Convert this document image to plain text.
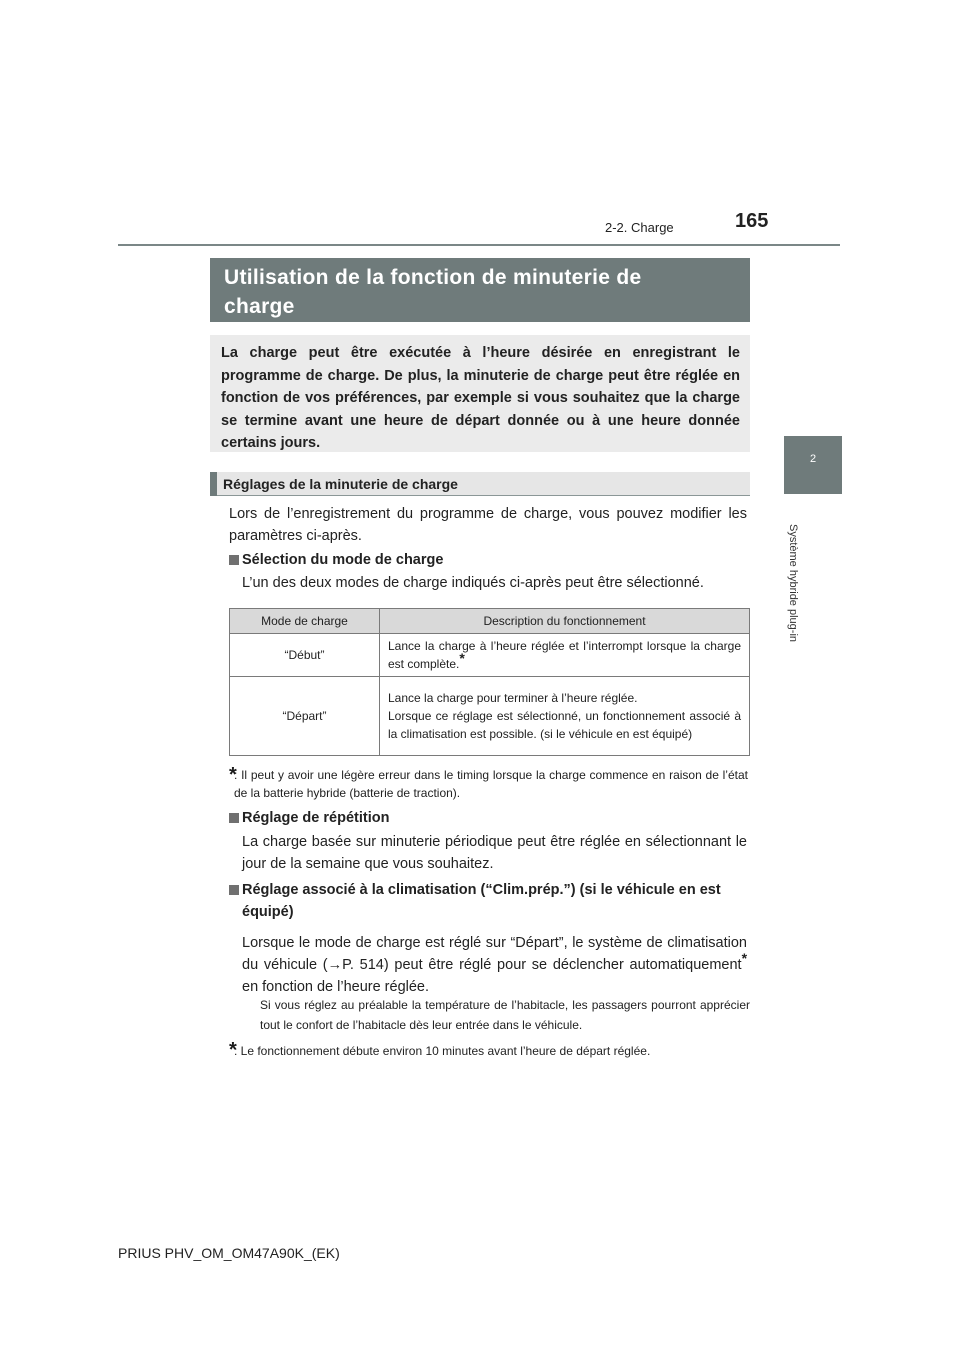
2-2. Charge	165
2
Système hybride plug-in
Utilisation de la fonction de minuterie de
charge
La charge peut être exécutée à l’heure désirée en enregistrant le programme de charge. De plus, la minuterie de charge peut être réglée en fonction de vos préférences, par exemple si vous souhaitez que la charge se termine avant une heure de départ donnée ou à une heure donnée certains jours.
Réglages de la minuterie de charge
Lors de l’enregistrement du programme de charge, vous pouvez modifier les paramètres ci-après.
Sélection du mode de charge
L’un des deux modes de charge indiqués ci-après peut être sélectionné.
Mode de charge	Description du fonctionnement
“Début”	Lance la charge à l’heure réglée et l’interrompt lorsque la charge est complète.*
“Départ”	Lance la charge pour terminer à l’heure réglée.
Lorsque ce réglage est sélectionné, un fonctionnement associé à la climatisation est possible. (si le véhicule en est équipé)
*
: Il peut y avoir une légère erreur dans le timing lorsque la charge commence en raison de l’état de la batterie hybride (batterie de traction).
Réglage de répétition
La charge basée sur minuterie périodique peut être réglée en sélectionnant le jour de la semaine que vous souhaitez.
Réglage associé à la climatisation (“Clim.prép.”) (si le véhicule en est équipé)
Lorsque le mode de charge est réglé sur “Départ”, le système de climatisation du véhicule (→P. 514) peut être réglé pour se déclencher automatiquement* en fonction de l’heure réglée.
Si vous réglez au préalable la température de l’habitacle, les passagers pourront apprécier tout le confort de l’habitacle dès leur entrée dans le véhicule.
*
: Le fonctionnement débute environ 10 minutes avant l’heure de départ réglée.
PRIUS PHV_OM_OM47A90K_(EK)
